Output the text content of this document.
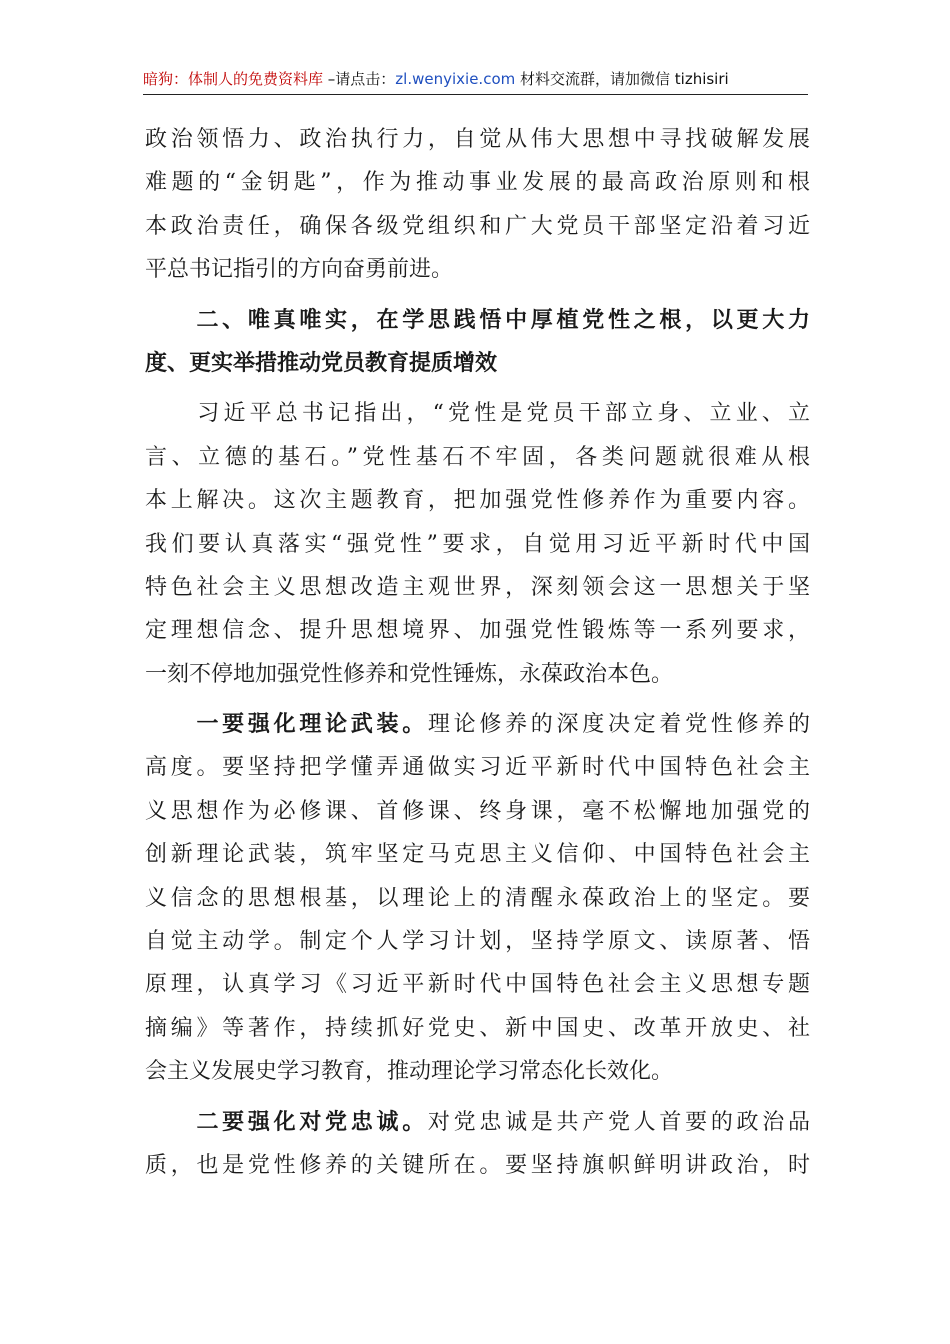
暗狗：体制人的免费资料库 –请点击：zl.wenyixie.com 材料交流群，请加微信 tizhisiri
政治领悟力、政治执行力，自觉从伟大思想中寻找破解发展
难题的“金钥匙”，作为推动事业发展的最高政治原则和根
本政治责任，确保各级党组织和广大党员干部坚定沿着习近
平总书记指引的方向奋勇前进。
　　二、唯真唯实，在学思践悟中厚植党性之根，以更大力
度、更实举措推动党员教育提质增效
　　习近平总书记指出，“党性是党员干部立身、立业、立
言、立德的基石。”党性基石不牢固，各类问题就很难从根
本上解决。这次主题教育，把加强党性修养作为重要内容。
我们要认真落实“强党性”要求，自觉用习近平新时代中国
特色社会主义思想改造主观世界，深刻领会这一思想关于坚
定理想信念、提升思想境界、加强党性锻炼等一系列要求，
一刻不停地加强党性修养和党性锤炼，永葆政治本色。
　　一要强化理论武装。理论修养的深度决定着党性修养的
高度。要坚持把学懂弄通做实习近平新时代中国特色社会主
义思想作为必修课、首修课、终身课，毫不松懈地加强党的
创新理论武装，筑牢坚定马克思主义信仰、中国特色社会主
义信念的思想根基，以理论上的清醒永葆政治上的坚定。要
自觉主动学。制定个人学习计划，坚持学原文、读原著、悟
原理，认真学习《习近平新时代中国特色社会主义思想专题
摘编》等著作，持续抓好党史、新中国史、改革开放史、社
会主义发展史学习教育，推动理论学习常态化长效化。
　　二要强化对党忠诚。对党忠诚是共产党人首要的政治品
质，也是党性修养的关键所在。要坚持旗帜鲜明讲政治，时
